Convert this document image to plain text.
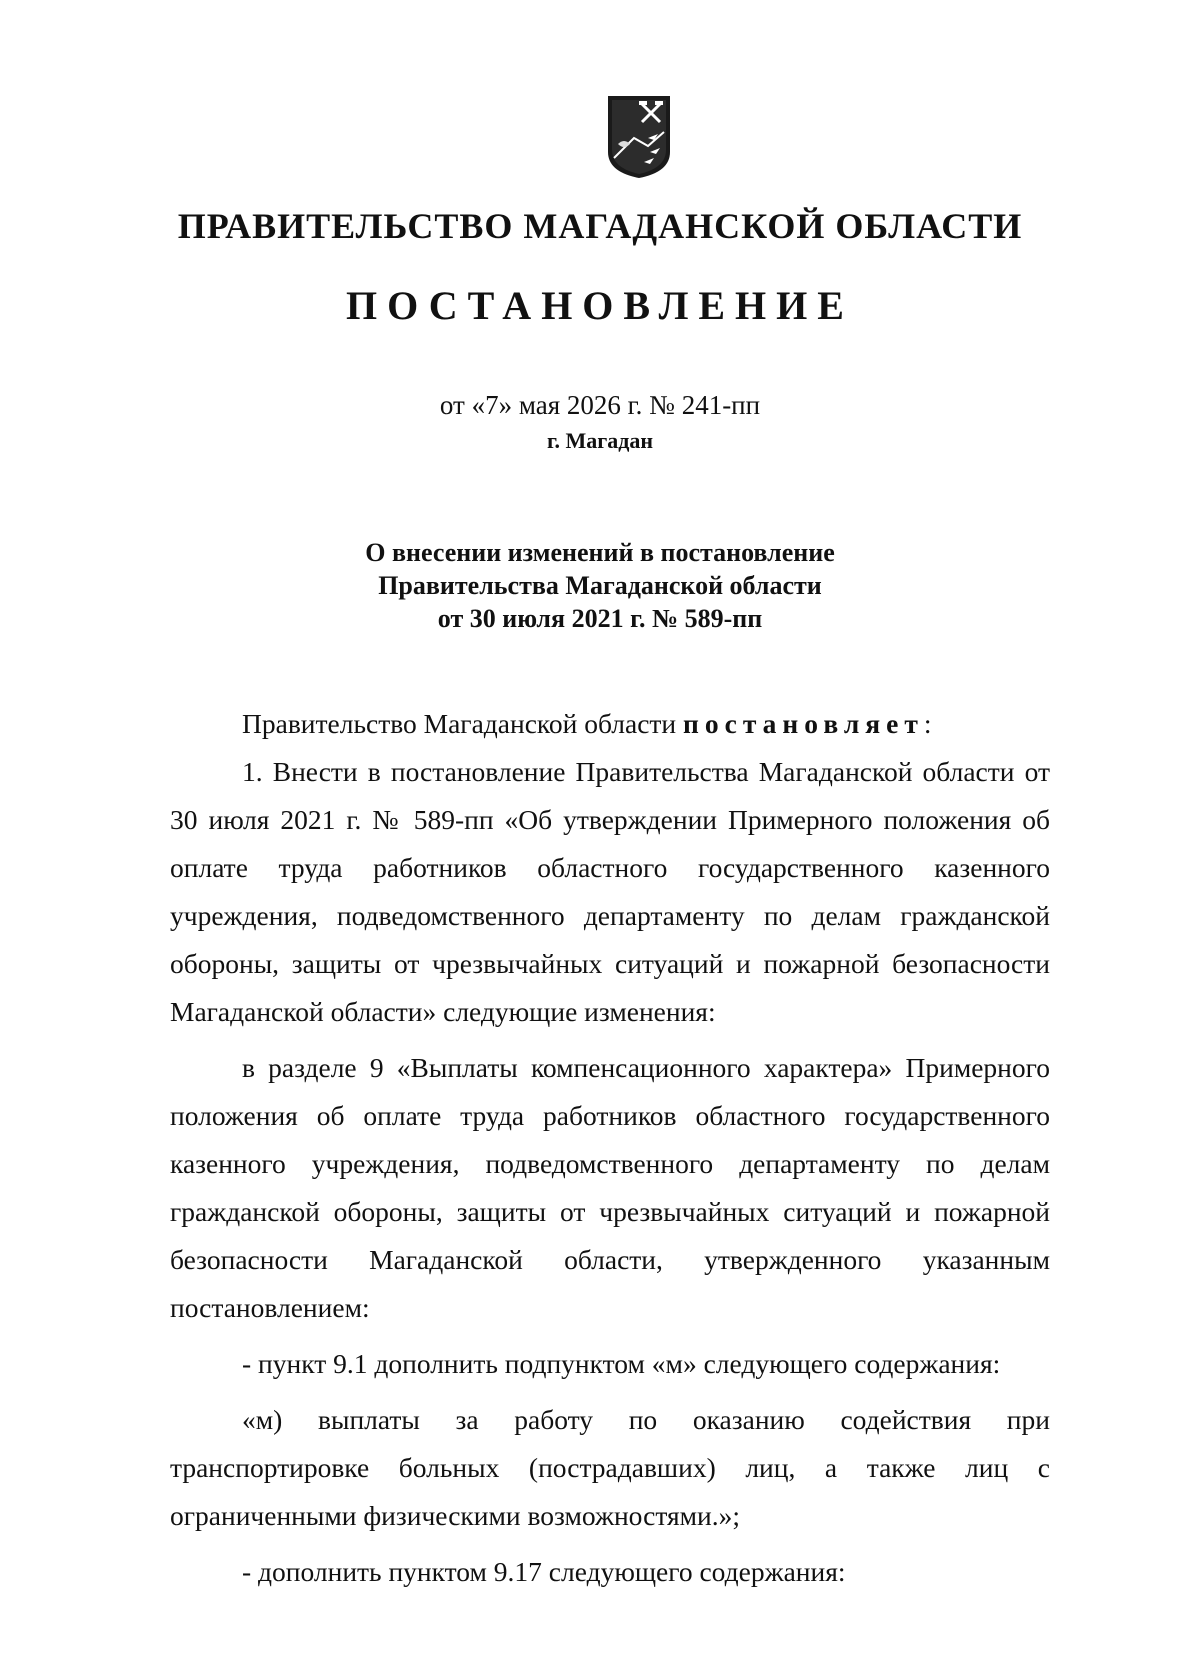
ПРАВИТЕЛЬСТВО МАГАДАНСКОЙ ОБЛАСТИ
ПОСТАНОВЛЕНИЕ
от «7» мая 2026 г. № 241-пп
г. Магадан
О внесении изменений в постановление
Правительства Магаданской области
от 30 июля 2021 г. № 589-пп

Правительство Магаданской области постановляет:

1. Внести в постановление Правительства Магаданской области от 30 июля 2021 г. № 589-пп «Об утверждении Примерного положения об оплате труда работников областного государственного казенного учреждения, подведомственного департаменту по делам гражданской обороны, защиты от чрезвычайных ситуаций и пожарной безопасности Магаданской области» следующие изменения:

в разделе 9 «Выплаты компенсационного характера» Примерного положения об оплате труда работников областного государственного казенного учреждения, подведомственного департаменту по делам гражданской обороны, защиты от чрезвычайных ситуаций и пожарной безопасности Магаданской области, утвержденного указанным постановлением:

- пункт 9.1 дополнить подпунктом «м» следующего содержания:

«м) выплаты за работу по оказанию содействия при транспортировке больных (пострадавших) лиц, а также лиц с ограниченными физическими возможностями.»;

- дополнить пунктом 9.17 следующего содержания:
